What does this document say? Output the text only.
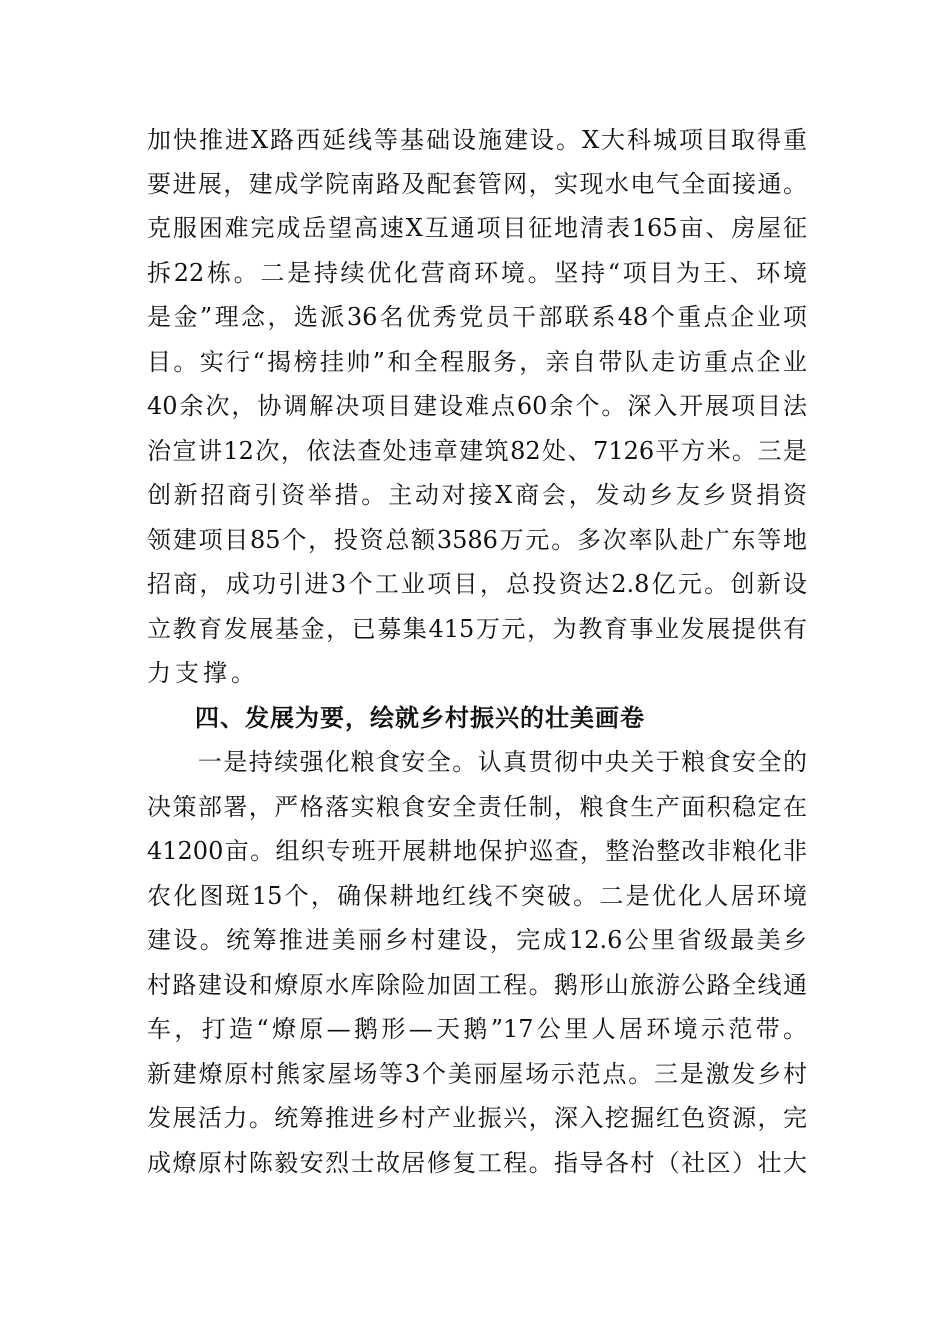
加快推进X路西延线等基础设施建设。X大科城项目取得重
要进展，建成学院南路及配套管网，实现水电气全面接通。
克服困难完成岳望高速X互通项目征地清表165亩、房屋征
拆22栋。二是持续优化营商环境。坚持“项目为王、环境
是金”理念，选派36名优秀党员干部联系48个重点企业项
目。实行“揭榜挂帅”和全程服务，亲自带队走访重点企业
40余次，协调解决项目建设难点60余个。深入开展项目法
治宣讲12次，依法查处违章建筑82处、7126平方米。三是
创新招商引资举措。主动对接X商会，发动乡友乡贤捐资
领建项目85个，投资总额3586万元。多次率队赴广东等地
招商，成功引进3个工业项目，总投资达2.8亿元。创新设
立教育发展基金，已募集415万元，为教育事业发展提供有
力支撑。
四、发展为要，绘就乡村振兴的壮美画卷
　　一是持续强化粮食安全。认真贯彻中央关于粮食安全的
决策部署，严格落实粮食安全责任制，粮食生产面积稳定在
41200亩。组织专班开展耕地保护巡查，整治整改非粮化非
农化图斑15个，确保耕地红线不突破。二是优化人居环境
建设。统筹推进美丽乡村建设，完成12.6公里省级最美乡
村路建设和燎原水库除险加固工程。鹅形山旅游公路全线通
车，打造“燎原—鹅形—天鹅”17公里人居环境示范带。
新建燎原村熊家屋场等3个美丽屋场示范点。三是激发乡村
发展活力。统筹推进乡村产业振兴，深入挖掘红色资源，完
成燎原村陈毅安烈士故居修复工程。指导各村（社区）壮大
